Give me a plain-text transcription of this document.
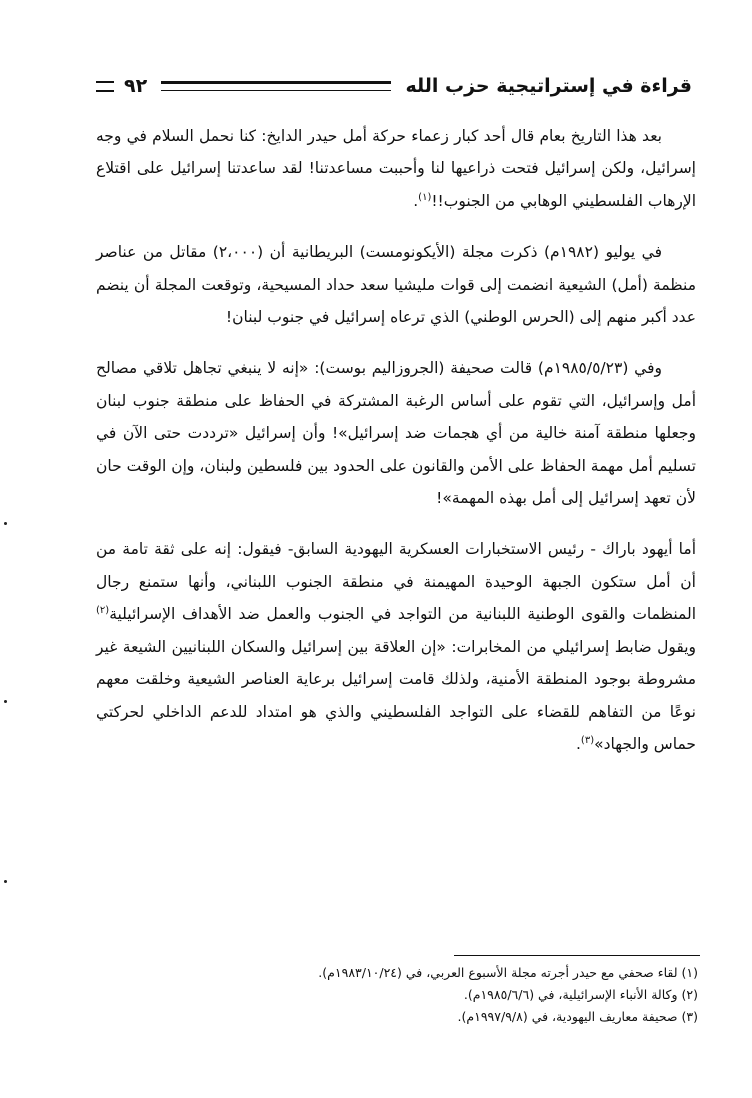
قراءة في إستراتيجية حزب الله
٩٢

بعد هذا التاريخ بعام قال أحد كبار زعماء حركة أمل حيدر الدايخ: كنا نحمل السلام في وجه إسرائيل، ولكن إسرائيل فتحت ذراعيها لنا وأحببت مساعدتنا! لقد ساعدتنا إسرائيل على اقتلاع الإرهاب الفلسطيني الوهابي من الجنوب!!$^{(١)}$.

في يوليو (١٩٨٢م) ذكرت مجلة (الأيكونومست) البريطانية أن (٢،٠٠٠) مقاتل من عناصر منظمة (أمل) الشيعية انضمت إلى قوات مليشيا سعد حداد المسيحية، وتوقعت المجلة أن ينضم عدد أكبر منهم إلى (الحرس الوطني) الذي ترعاه إسرائيل في جنوب لبنان!

وفي (١٩٨٥/٥/٢٣م) قالت صحيفة (الجروزاليم بوست): «إنه لا ينبغي تجاهل تلاقي مصالح أمل وإسرائيل، التي تقوم على أساس الرغبة المشتركة في الحفاظ على منطقة جنوب لبنان وجعلها منطقة آمنة خالية من أي هجمات ضد إسرائيل»! وأن إسرائيل «ترددت حتى الآن في تسليم أمل مهمة الحفاظ على الأمن والقانون على الحدود بين فلسطين ولبنان، وإن الوقت حان لأن تعهد إسرائيل إلى أمل بهذه المهمة»!

أما أيهود باراك - رئيس الاستخبارات العسكرية اليهودية السابق- فيقول: إنه على ثقة تامة من أن أمل ستكون الجبهة الوحيدة المهيمنة في منطقة الجنوب اللبناني، وأنها ستمنع رجال المنظمات والقوى الوطنية اللبنانية من التواجد في الجنوب والعمل ضد الأهداف الإسرائيلية$^{(٢)}$ ويقول ضابط إسرائيلي من المخابرات: «إن العلاقة بين إسرائيل والسكان اللبنانيين الشيعة غير مشروطة بوجود المنطقة الأمنية، ولذلك قامت إسرائيل برعاية العناصر الشيعية وخلقت معهم نوعًا من التفاهم للقضاء على التواجد الفلسطيني والذي هو امتداد للدعم الداخلي لحركتي حماس والجهاد»$^{(٣)}$.

(١) لقاء صحفي مع حيدر أجرته مجلة الأسبوع العربي، في (١٩٨٣/١٠/٢٤م).
(٢) وكالة الأنباء الإسرائيلية، في (١٩٨٥/٦/٦م).
(٣) صحيفة معاريف اليهودية، في (١٩٩٧/٩/٨م).
